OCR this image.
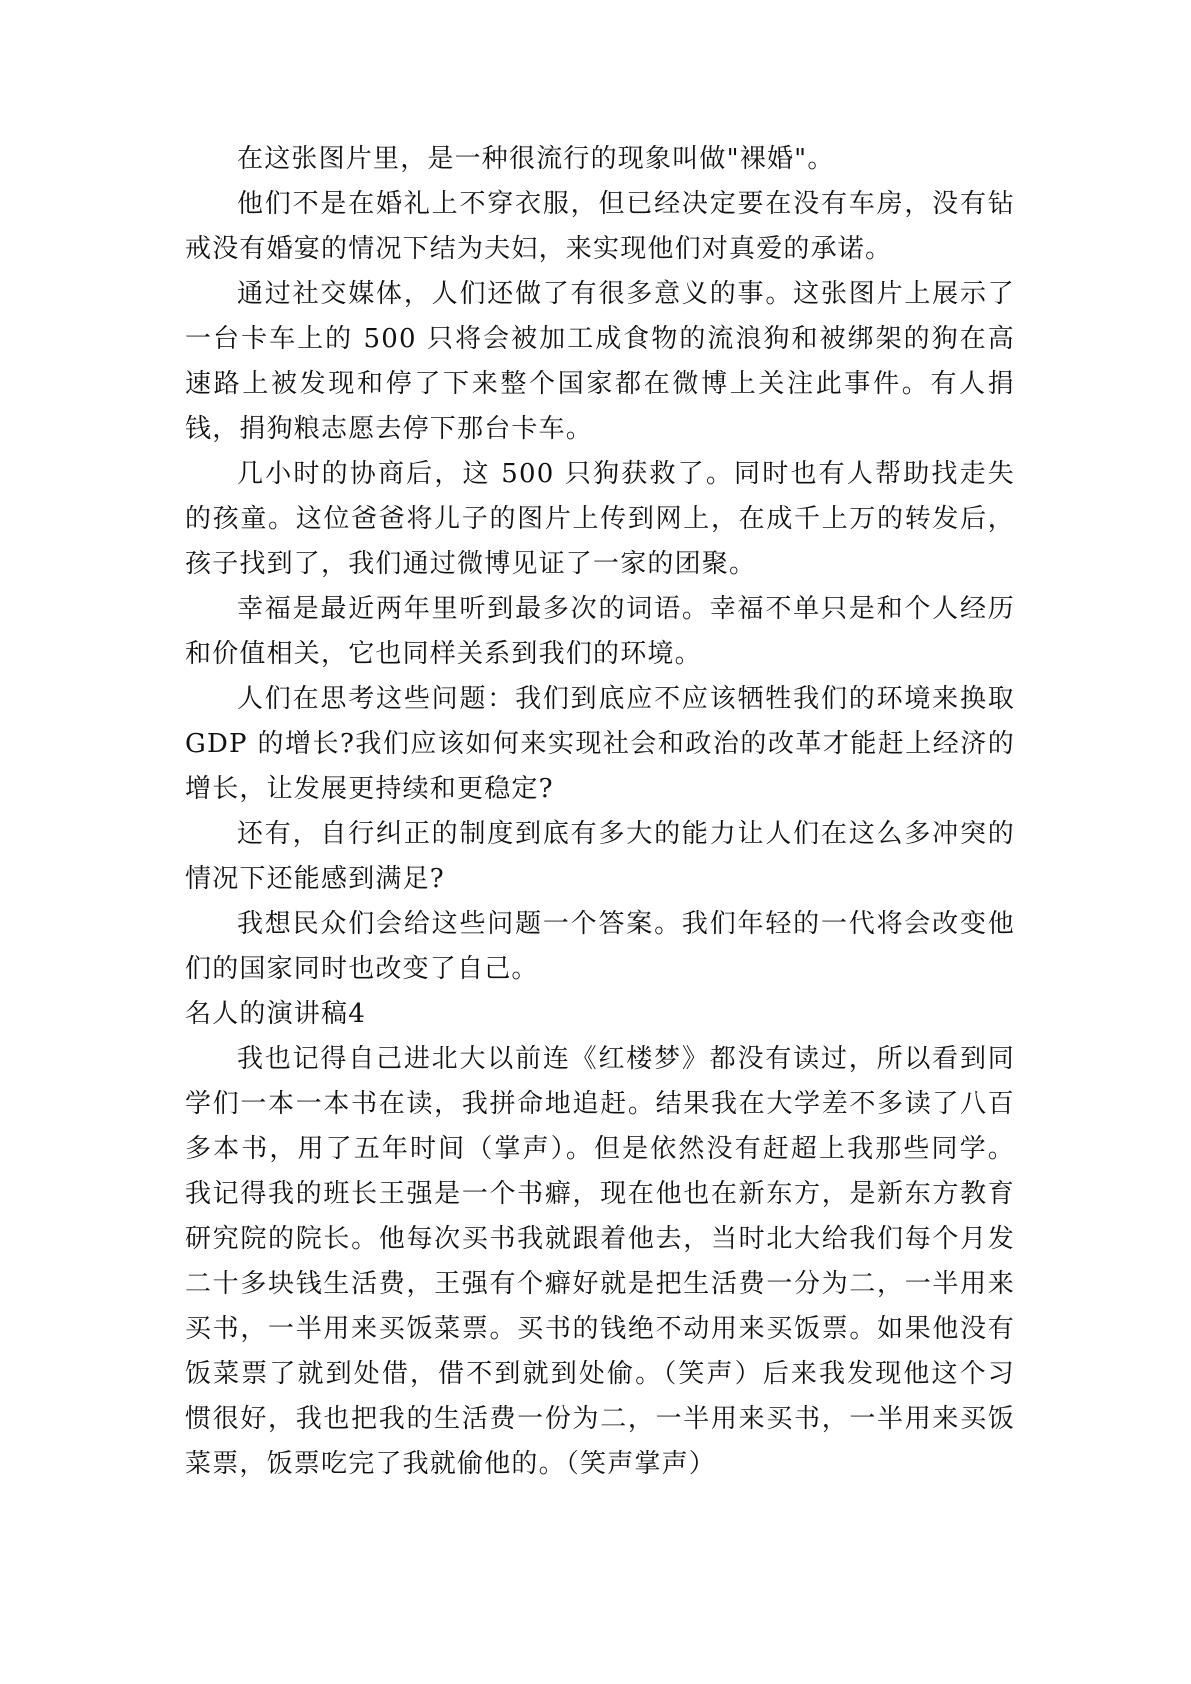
在这张图片里，是一种很流行的现象叫做"裸婚"。

他们不是在婚礼上不穿衣服，但已经决定要在没有车房，没有钻戒没有婚宴的情况下结为夫妇，来实现他们对真爱的承诺。

通过社交媒体，人们还做了有很多意义的事。这张图片上展示了一台卡车上的 500 只将会被加工成食物的流浪狗和被绑架的狗在高速路上被发现和停了下来整个国家都在微博上关注此事件。有人捐钱，捐狗粮志愿去停下那台卡车。

几小时的协商后，这 500 只狗获救了。同时也有人帮助找走失的孩童。这位爸爸将儿子的图片上传到网上，在成千上万的转发后，孩子找到了，我们通过微博见证了一家的团聚。

幸福是最近两年里听到最多次的词语。幸福不单只是和个人经历和价值相关，它也同样关系到我们的环境。

人们在思考这些问题：我们到底应不应该牺牲我们的环境来换取GDP 的增长?我们应该如何来实现社会和政治的改革才能赶上经济的增长，让发展更持续和更稳定?

还有，自行纠正的制度到底有多大的能力让人们在这么多冲突的情况下还能感到满足?

我想民众们会给这些问题一个答案。我们年轻的一代将会改变他们的国家同时也改变了自己。

名人的演讲稿4

我也记得自己进北大以前连《红楼梦》都没有读过，所以看到同学们一本一本书在读，我拼命地追赶。结果我在大学差不多读了八百多本书，用了五年时间（掌声）。但是依然没有赶超上我那些同学。我记得我的班长王强是一个书癖，现在他也在新东方，是新东方教育研究院的院长。他每次买书我就跟着他去，当时北大给我们每个月发二十多块钱生活费，王强有个癖好就是把生活费一分为二，一半用来买书，一半用来买饭菜票。买书的钱绝不动用来买饭票。如果他没有饭菜票了就到处借，借不到就到处偷。（笑声）后来我发现他这个习惯很好，我也把我的生活费一份为二，一半用来买书，一半用来买饭菜票，饭票吃完了我就偷他的。（笑声掌声）
